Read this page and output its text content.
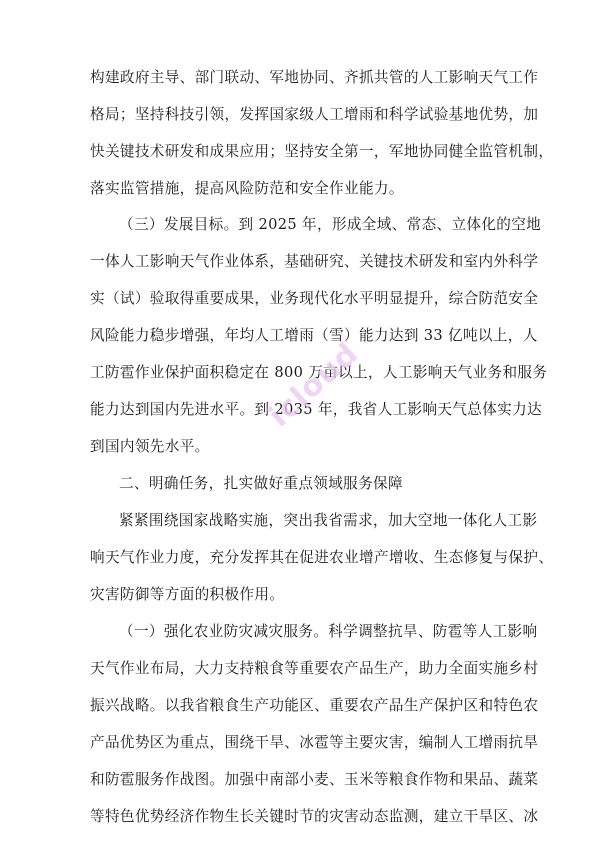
构建政府主导、部门联动、军地协同、齐抓共管的人工影响天气工作
格局；坚持科技引领，发挥国家级人工增雨和科学试验基地优势，加
快关键技术研发和成果应用；坚持安全第一，军地协同健全监管机制，
落实监管措施，提高风险防范和安全作业能力。
（三）发展目标。到 2025 年，形成全域、常态、立体化的空地
一体人工影响天气作业体系，基础研究、关键技术研发和室内外科学
实（试）验取得重要成果，业务现代化水平明显提升，综合防范安全
风险能力稳步增强，年均人工增雨（雪）能力达到 33 亿吨以上，人
工防雹作业保护面积稳定在 800 万亩以上，人工影响天气业务和服务
能力达到国内先进水平。到 2035 年，我省人工影响天气总体实力达
到国内领先水平。
二、明确任务，扎实做好重点领域服务保障
紧紧围绕国家战略实施，突出我省需求，加大空地一体化人工影
响天气作业力度，充分发挥其在促进农业增产增收、生态修复与保护、
灾害防御等方面的积极作用。
（一）强化农业防灾减灾服务。科学调整抗旱、防雹等人工影响
天气作业布局，大力支持粮食等重要农产品生产，助力全面实施乡村
振兴战略。以我省粮食生产功能区、重要农产品生产保护区和特色农
产品优势区为重点，围绕干旱、冰雹等主要灾害，编制人工增雨抗旱
和防雹服务作战图。加强中南部小麦、玉米等粮食作物和果品、蔬菜
等特色优势经济作物生长关键时节的灾害动态监测，建立干旱区、冰
icloud
